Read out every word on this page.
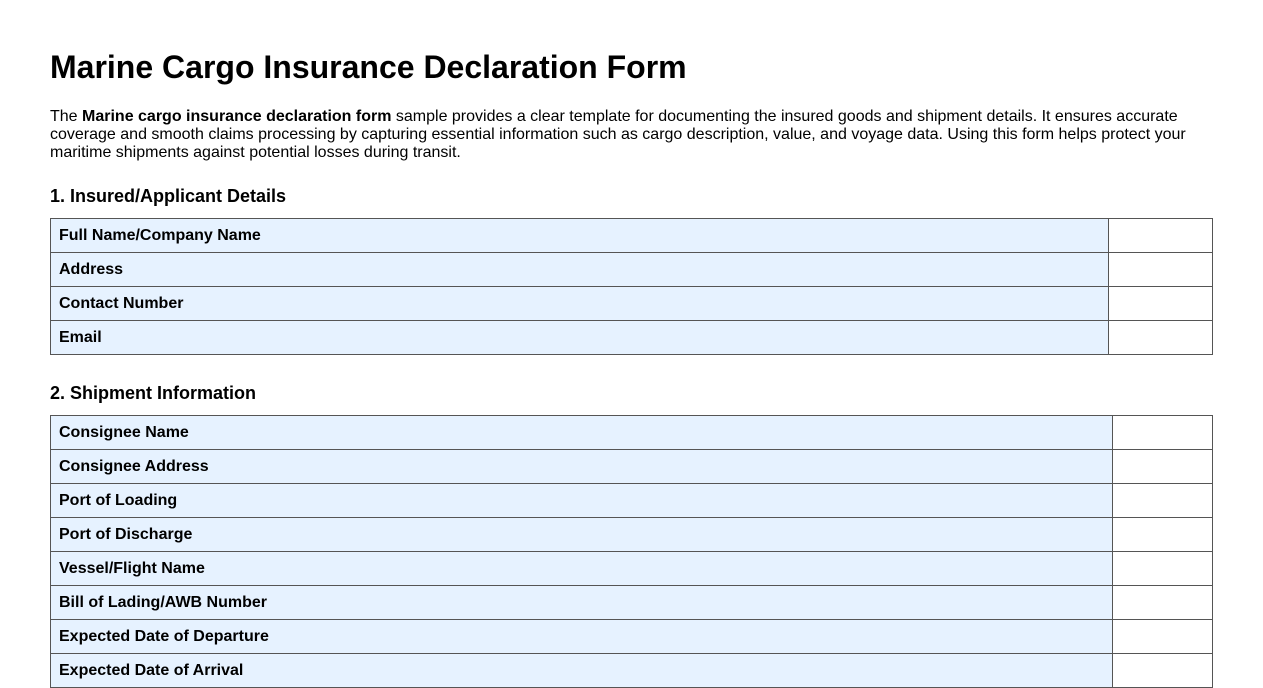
Marine Cargo Insurance Declaration Form

The Marine cargo insurance declaration form sample provides a clear template for documenting the insured goods and shipment details. It ensures accurate coverage and smooth claims processing by capturing essential information such as cargo description, value, and voyage data. Using this form helps protect your maritime shipments against potential losses during transit.

1. Insured/Applicant Details
Full Name/Company Name	
Address	
Contact Number	
Email	
2. Shipment Information
Consignee Name	
Consignee Address	
Port of Loading	
Port of Discharge	
Vessel/Flight Name	
Bill of Lading/AWB Number	
Expected Date of Departure	
Expected Date of Arrival	
